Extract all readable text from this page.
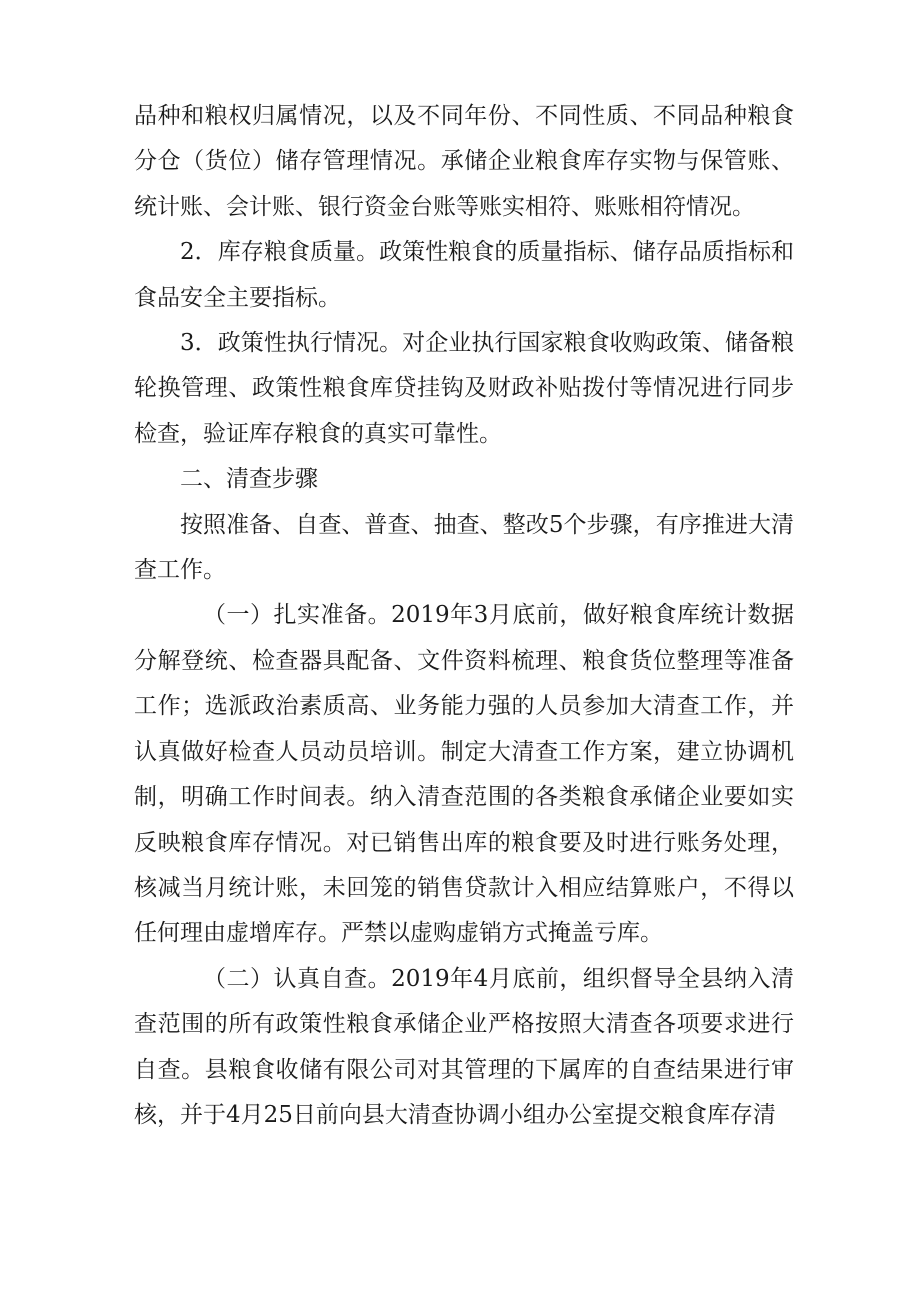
品种和粮权归属情况，以及不同年份、不同性质、不同品种粮食分仓（货位）储存管理情况。承储企业粮食库存实物与保管账、统计账、会计账、银行资金台账等账实相符、账账相符情况。

2．库存粮食质量。政策性粮食的质量指标、储存品质指标和食品安全主要指标。

3．政策性执行情况。对企业执行国家粮食收购政策、储备粮轮换管理、政策性粮食库贷挂钩及财政补贴拨付等情况进行同步检查，验证库存粮食的真实可靠性。

二、清查步骤

按照准备、自查、普查、抽查、整改5个步骤，有序推进大清查工作。

（一）扎实准备。2019年3月底前，做好粮食库统计数据分解登统、检查器具配备、文件资料梳理、粮食货位整理等准备工作；选派政治素质高、业务能力强的人员参加大清查工作，并认真做好检查人员动员培训。制定大清查工作方案，建立协调机制，明确工作时间表。纳入清查范围的各类粮食承储企业要如实反映粮食库存情况。对已销售出库的粮食要及时进行账务处理，核减当月统计账，未回笼的销售贷款计入相应结算账户，不得以任何理由虚增库存。严禁以虚购虚销方式掩盖亏库。

（二）认真自查。2019年4月底前，组织督导全县纳入清查范围的所有政策性粮食承储企业严格按照大清查各项要求进行自查。县粮食收储有限公司对其管理的下属库的自查结果进行审核，并于4月25日前向县大清查协调小组办公室提交粮食库存清
